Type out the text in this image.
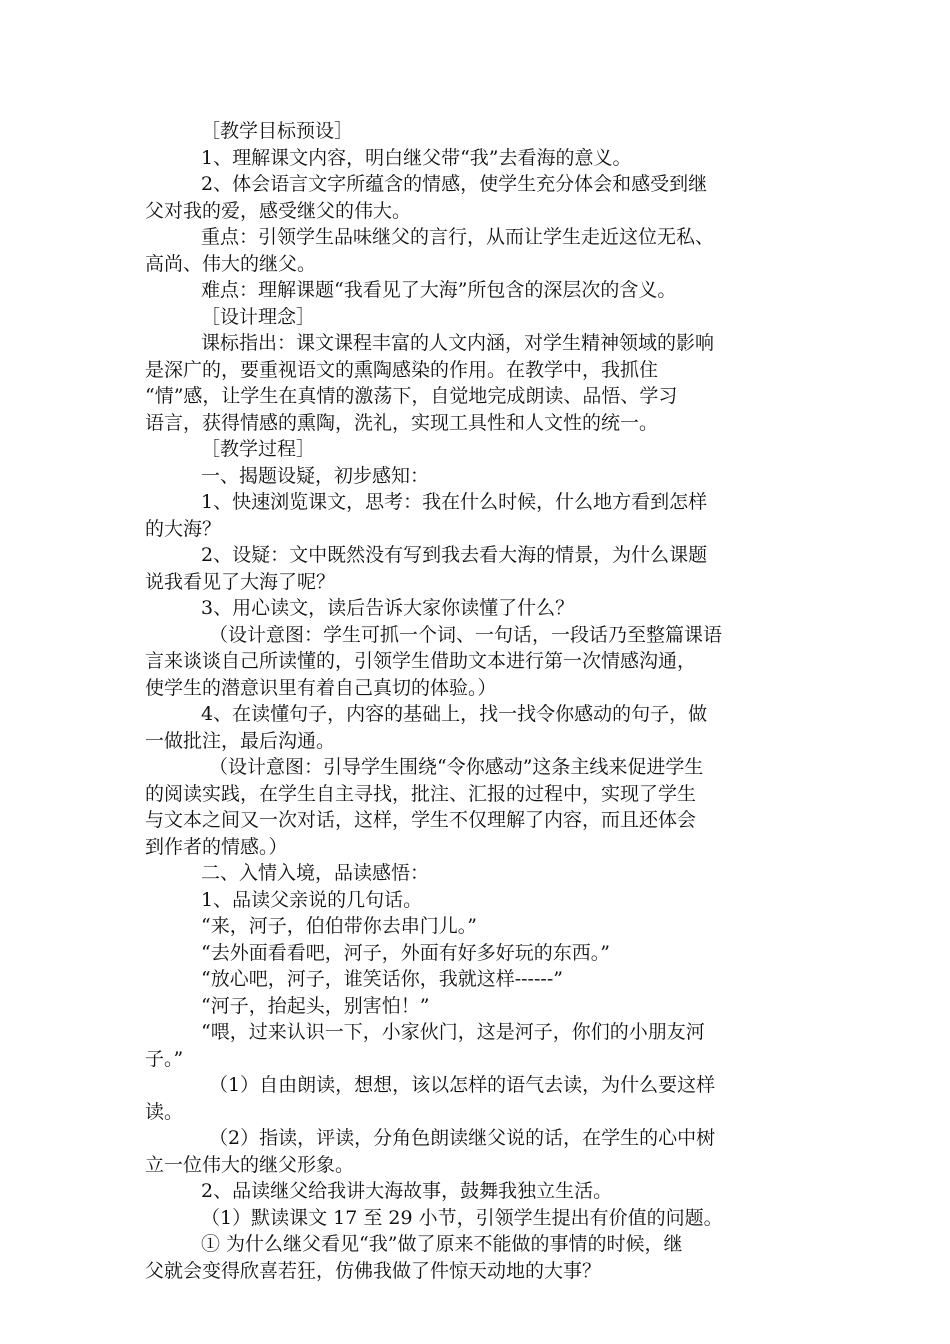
［教学目标预设］
1、理解课文内容，明白继父带“我”去看海的意义。
2、体会语言文字所蕴含的情感，使学生充分体会和感受到继
父对我的爱，感受继父的伟大。
重点：引领学生品味继父的言行，从而让学生走近这位无私、
高尚、伟大的继父。
难点：理解课题“我看见了大海”所包含的深层次的含义。
［设计理念］
课标指出：课文课程丰富的人文内涵，对学生精神领域的影响
是深广的，要重视语文的熏陶感染的作用。在教学中，我抓住
“情”感，让学生在真情的激荡下，自觉地完成朗读、品悟、学习
语言，获得情感的熏陶，洗礼，实现工具性和人文性的统一。
［教学过程］
一、揭题设疑，初步感知：
1、快速浏览课文，思考：我在什么时候，什么地方看到怎样
的大海？
2、设疑：文中既然没有写到我去看大海的情景，为什么课题
说我看见了大海了呢？
3、用心读文，读后告诉大家你读懂了什么？
（设计意图：学生可抓一个词、一句话，一段话乃至整篇课语
言来谈谈自己所读懂的，引领学生借助文本进行第一次情感沟通，
使学生的潜意识里有着自己真切的体验。）
4、在读懂句子，内容的基础上，找一找令你感动的句子，做
一做批注，最后沟通。
（设计意图：引导学生围绕“令你感动”这条主线来促进学生
的阅读实践，在学生自主寻找，批注、汇报的过程中，实现了学生
与文本之间又一次对话，这样，学生不仅理解了内容，而且还体会
到作者的情感。）
二、入情入境，品读感悟：
1、品读父亲说的几句话。
“来，河子，伯伯带你去串门儿。”
“去外面看看吧，河子，外面有好多好玩的东西。”
“放心吧，河子，谁笑话你，我就这样------”
“河子，抬起头，别害怕！”
“喂，过来认识一下，小家伙门，这是河子，你们的小朋友河
子。”
（1）自由朗读，想想，该以怎样的语气去读，为什么要这样
读。
（2）指读，评读，分角色朗读继父说的话，在学生的心中树
立一位伟大的继父形象。
2、品读继父给我讲大海故事，鼓舞我独立生活。
（1）默读课文 17 至 29 小节，引领学生提出有价值的问题。
① 为什么继父看见“我”做了原来不能做的事情的时候，继
父就会变得欣喜若狂，仿佛我做了件惊天动地的大事？
